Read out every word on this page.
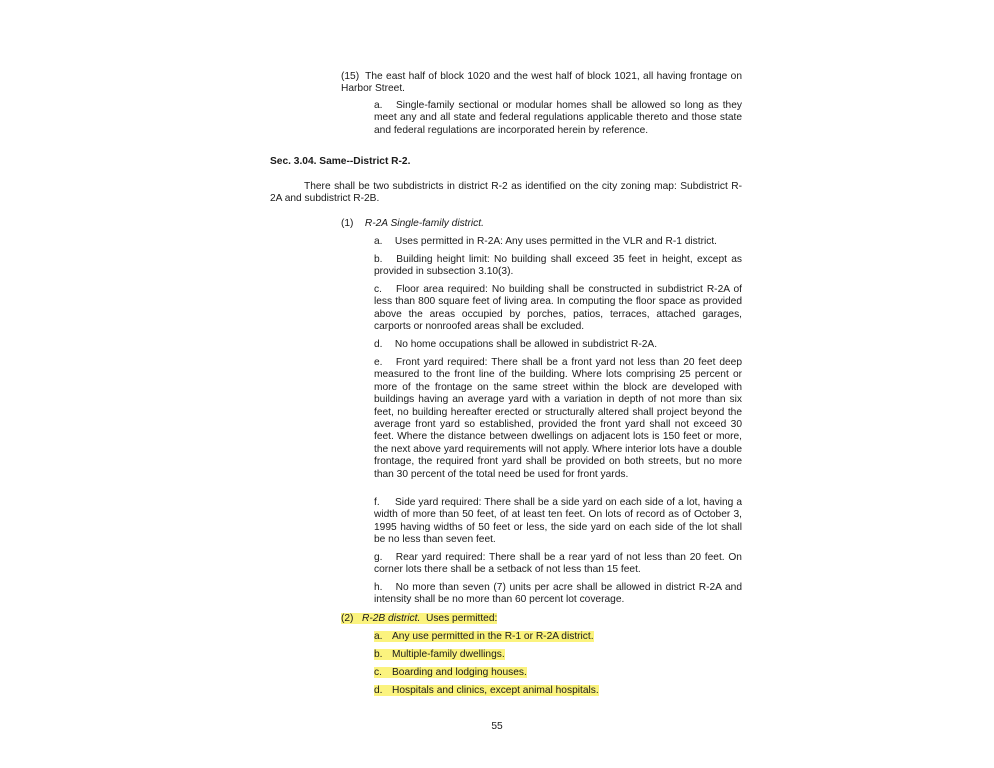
(15) The east half of block 1020 and the west half of block 1021, all having frontage on Harbor Street.

a. Single-family sectional or modular homes shall be allowed so long as they meet any and all state and federal regulations applicable thereto and those state and federal regulations are incorporated herein by reference.

Sec. 3.04. Same--District R-2.

There shall be two subdistricts in district R-2 as identified on the city zoning map: Subdistrict R-2A and subdistrict R-2B.

(1) R-2A Single-family district.

a. Uses permitted in R-2A: Any uses permitted in the VLR and R-1 district.

b. Building height limit: No building shall exceed 35 feet in height, except as provided in subsection 3.10(3).

c. Floor area required: No building shall be constructed in subdistrict R-2A of less than 800 square feet of living area. In computing the floor space as provided above the areas occupied by porches, patios, terraces, attached garages, carports or nonroofed areas shall be excluded.

d. No home occupations shall be allowed in subdistrict R-2A.

e. Front yard required: There shall be a front yard not less than 20 feet deep measured to the front line of the building. Where lots comprising 25 percent or more of the frontage on the same street within the block are developed with buildings having an average yard with a variation in depth of not more than six feet, no building hereafter erected or structurally altered shall project beyond the average front yard so established, provided the front yard shall not exceed 30 feet. Where the distance between dwellings on adjacent lots is 150 feet or more, the next above yard requirements will not apply. Where interior lots have a double frontage, the required front yard shall be provided on both streets, but no more than 30 percent of the total need be used for front yards.

f. Side yard required: There shall be a side yard on each side of a lot, having a width of more than 50 feet, of at least ten feet. On lots of record as of October 3, 1995 having widths of 50 feet or less, the side yard on each side of the lot shall be no less than seven feet.

g. Rear yard required: There shall be a rear yard of not less than 20 feet. On corner lots there shall be a setback of not less than 15 feet.

h. No more than seven (7) units per acre shall be allowed in district R-2A and intensity shall be no more than 60 percent lot coverage.

(2) R-2B district. Uses permitted:

a. Any use permitted in the R-1 or R-2A district.

b. Multiple-family dwellings.

c. Boarding and lodging houses.

d. Hospitals and clinics, except animal hospitals.

55
